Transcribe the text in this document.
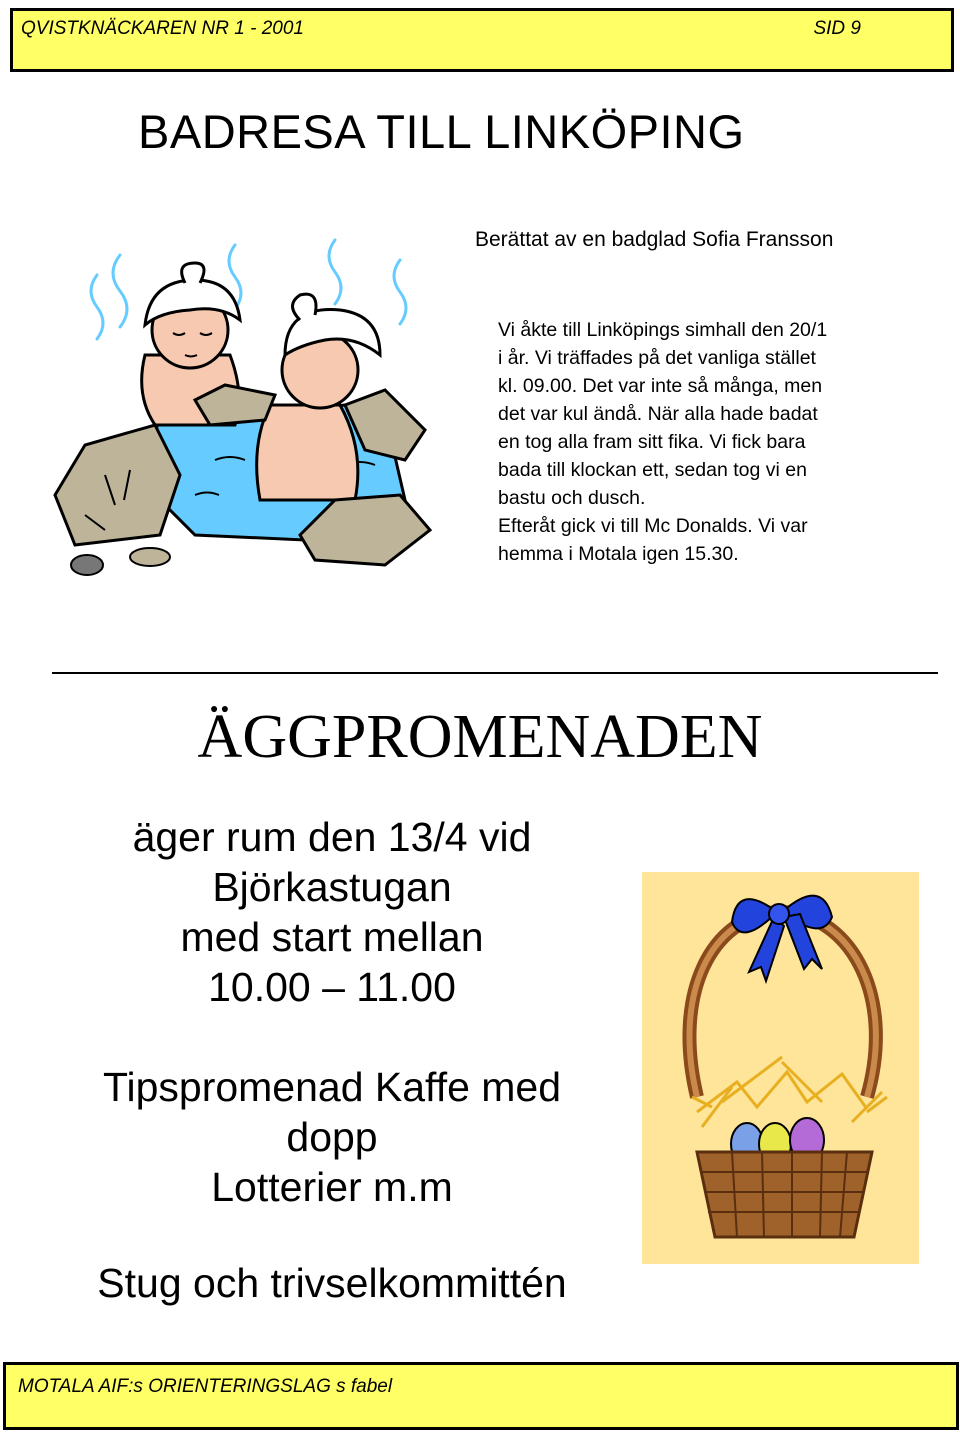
QVISTKNÄCKAREN NR 1 - 2001	SID 9
BADRESA TILL LINKÖPING
Berättat av en badglad Sofia Fransson

Vi åkte till Linköpings simhall den 20/1

i år. Vi träffades på det vanliga stället

kl. 09.00. Det var inte så många, men

det var kul ändå. När alla hade badat

en tog alla fram sitt fika. Vi fick bara

bada till klockan ett, sedan tog vi en

bastu och dusch.

Efteråt gick vi till Mc Donalds. Vi var

hemma i Motala igen 15.30.

ÄGGPROMENADEN

äger rum den 13/4 vid

Björkastugan

med start mellan

10.00 – 11.00

Tipspromenad Kaffe med

dopp

Lotterier m.m

Stug och trivselkommittén
MOTALA AIF:s ORIENTERINGSLAG s fabel
